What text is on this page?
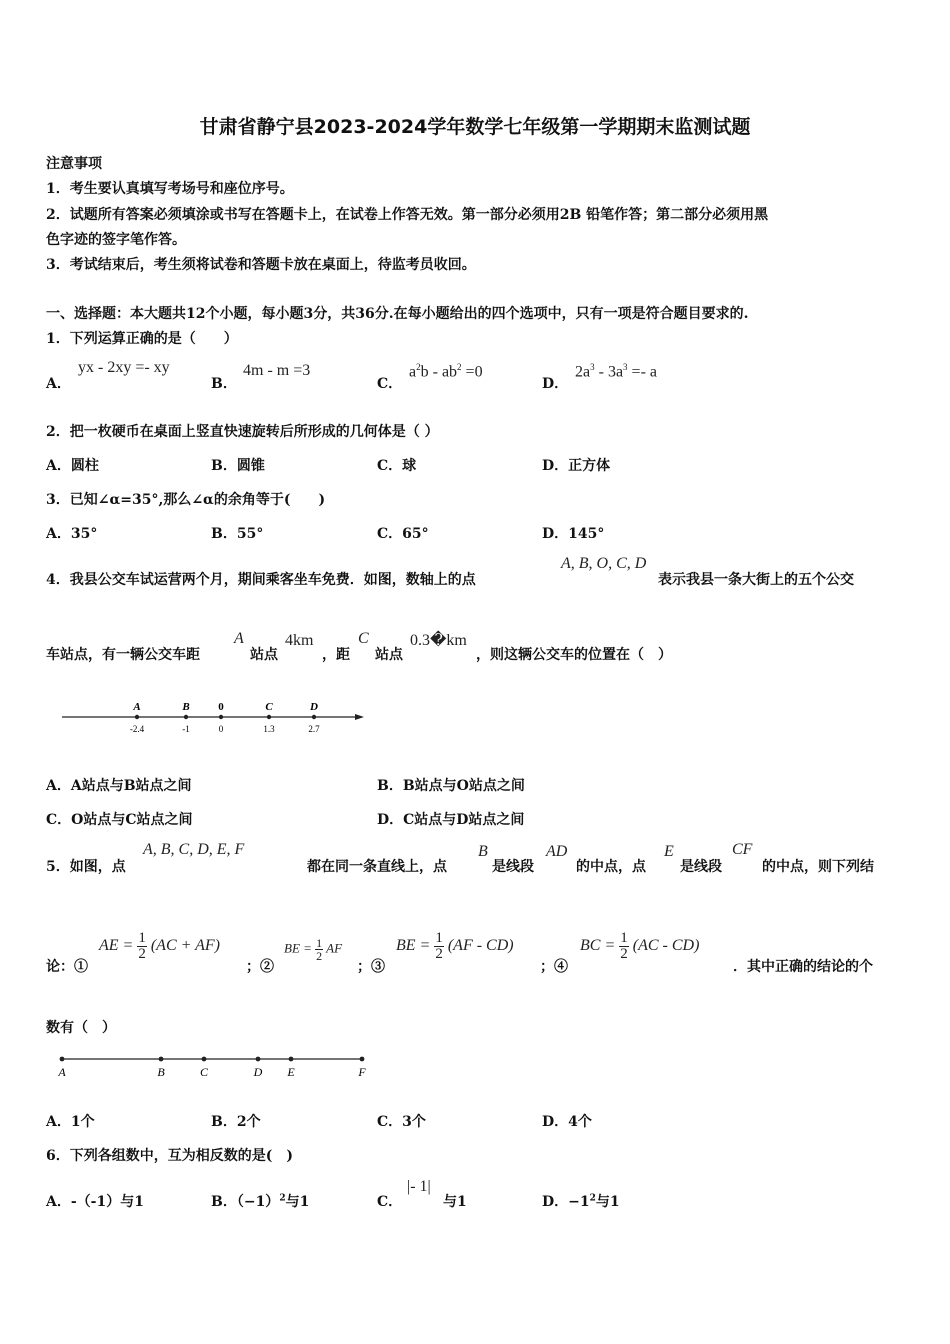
甘肃省静宁县2023-2024学年数学七年级第一学期期末监测试题
注意事项
1．考生要认真填写考场号和座位序号。
2．试题所有答案必须填涂或书写在答题卡上，在试卷上作答无效。第一部分必须用2B 铅笔作答；第二部分必须用黑
色字迹的签字笔作答。
3．考试结束后，考生须将试卷和答题卡放在桌面上，待监考员收回。
一、选择题：本大题共12个小题，每小题3分，共36分.在每小题给出的四个选项中，只有一项是符合题目要求的.
1．下列运算正确的是（　　）
A．
yx - 2xy =- xy
B．
4m - m =3
C．
$a^2b - ab^2 =0$
D．
$2a^3 - 3a^3 =- a$
2．把一枚硬币在桌面上竖直快速旋转后所形成的几何体是（ ）
A．圆柱	B．圆锥	C．球	D．正方体
3．已知∠α=35°,那么∠α的余角等于(　　)
A．35°	B．55°	C．65°	D．145°
4．我县公交车试运营两个月，期间乘客坐车免费．如图，数轴上的点
A, B, O, C, D
表示我县一条大街上的五个公交
车站点，有一辆公交车距
A
站点
4km
，距
C
站点
0.3�km
，则这辆公交车的位置在（　）
A
-2.4
B
-1
0
0
C
1.3
D
2.7
A．A站点与B站点之间	B．B站点与O站点之间
C．O站点与C站点之间	D．C站点与D站点之间
5．如图，点
A, B, C, D, E, F
都在同一条直线上，点
B
是线段
AD
的中点，点
E
是线段
CF
的中点，则下列结
论：①
AE = $\frac{1}{2} (AC + AF)$
；②
BE = $\frac{1}{2}$ AF
；③
BE = $\frac{1}{2} (AF - CD)$
；④
BC = $\frac{1}{2} (AC - CD)$
．其中正确的结论的个
数有（　）
A	B	C	D E	F
A．1个	B．2个	C．3个	D．4个
6．下列各组数中，互为相反数的是(　)
A．-（-1）与1	B．$(-1)^2$与1	C．
|- 1|
与1	D．$-1^2$与1
